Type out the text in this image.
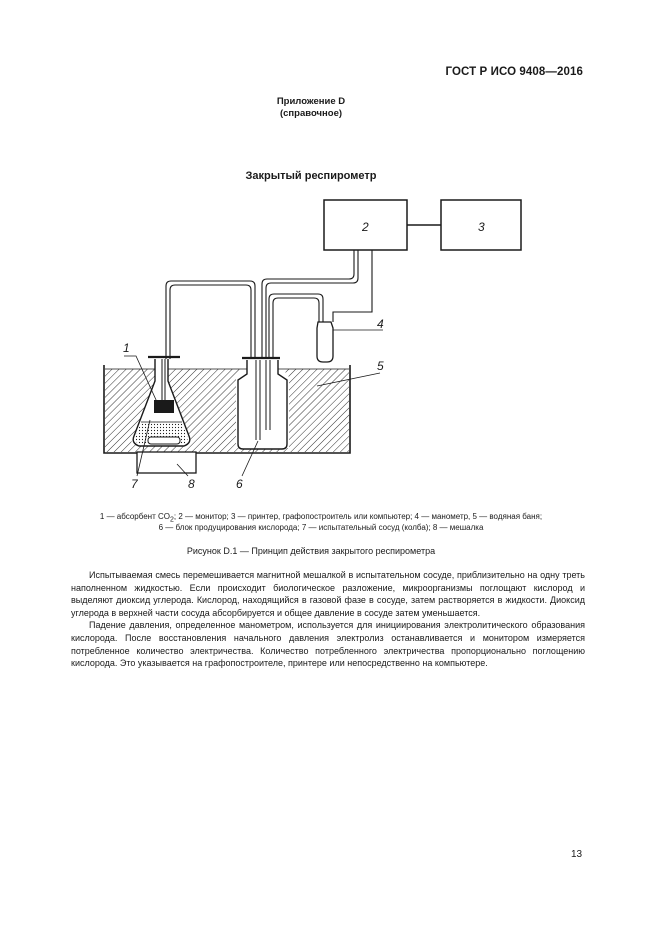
ГОСТ Р ИСО 9408—2016
Приложение D
(справочное)
Закрытый респирометр
2	3
1
4
5
6
7	8
1 — абсорбент $CO_2$; 2 — монитор; 3 — принтер, графопостроитель или компьютер; 4 — манометр, 5 — водяная баня;
6 — блок продуцирования кислорода; 7 — испытательный сосуд (колба); 8 — мешалка
Рисунок D.1 — Принцип действия закрытого респирометра

Испытываемая смесь перемешивается магнитной мешалкой в испытательном сосуде, приблизительно на одну треть наполненном жидкостью. Если происходит биологическое разложение, микроорганизмы поглощают кислород и выделяют диоксид углерода. Кислород, находящийся в газовой фазе в сосуде, затем растворяется в жидкости. Диоксид углерода в верхней части сосуда абсорбируется и общее давление в сосуде затем уменьшается.

Падение давления, определенное манометром, используется для инициирования электролитического образования кислорода. После восстановления начального давления электролиз останавливается и монитором измеряется потребленное количество электричества. Количество потребленного электричества пропорционально поглощению кислорода. Это указывается на графопостроителе, принтере или непосредственно на компьютере.

13
